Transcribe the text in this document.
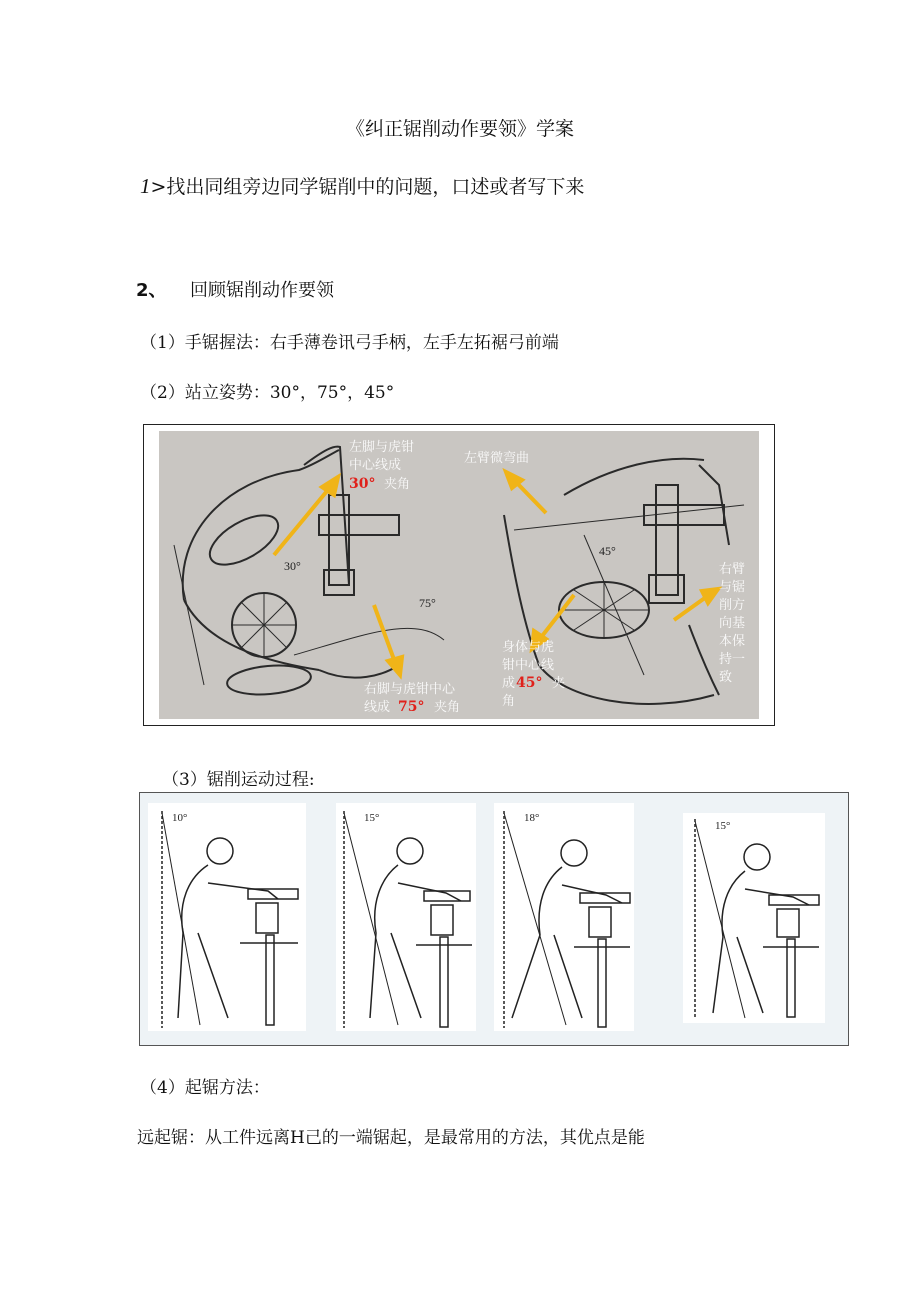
《纠正锯削动作要领》学案
1>找出同组旁边同学锯削中的问题，口述或者写下来
2、 回顾锯削动作要领
（1）手锯握法：右手薄卷讯弓手柄，左手左拓裾弓前端
（2）站立姿势：30°，75°，45°
左脚与虎钳
中心线成
30° 夹角
右脚与虎钳中心
线成 75° 夹角
30°
75°
左臂微弯曲
45°
身体与虎
钳中心线
成 45° 夹
角
右臂
与锯
削方
向基
本保
持一
致
（3）锯削运动过程:
10°	15°	18°
15°
（4）起锯方法：
远起锯：从工件远离H己的一端锯起，是最常用的方法，其优点是能
